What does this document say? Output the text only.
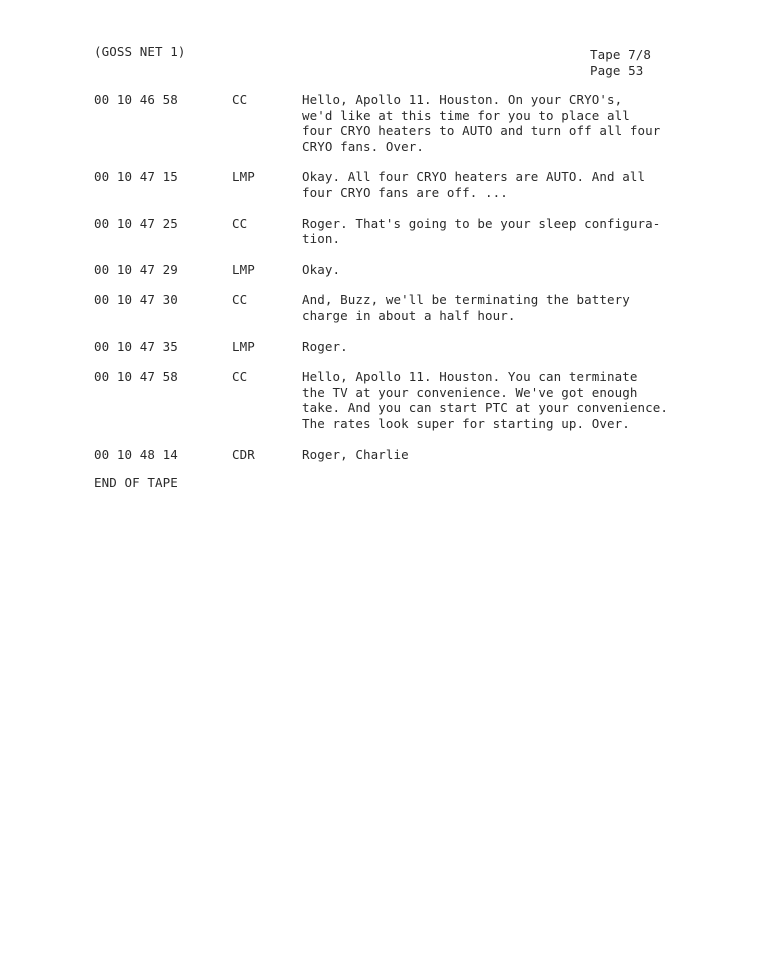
(GOSS NET 1)	Tape 7/8
Page 53
00 10 46 58	CC	Hello, Apollo 11. Houston. On your CRYO's,
we'd like at this time for you to place all
four CRYO heaters to AUTO and turn off all four
CRYO fans. Over.
00 10 47 15	LMP	Okay. All four CRYO heaters are AUTO. And all
four CRYO fans are off. ...
00 10 47 25	CC	Roger. That's going to be your sleep configura-
tion.
00 10 47 29	LMP	Okay.
00 10 47 30	CC	And, Buzz, we'll be terminating the battery
charge in about a half hour.
00 10 47 35	LMP	Roger.
00 10 47 58	CC	Hello, Apollo 11. Houston. You can terminate
the TV at your convenience. We've got enough
take. And you can start PTC at your convenience.
The rates look super for starting up. Over.
00 10 48 14	CDR	Roger, Charlie
END OF TAPE
